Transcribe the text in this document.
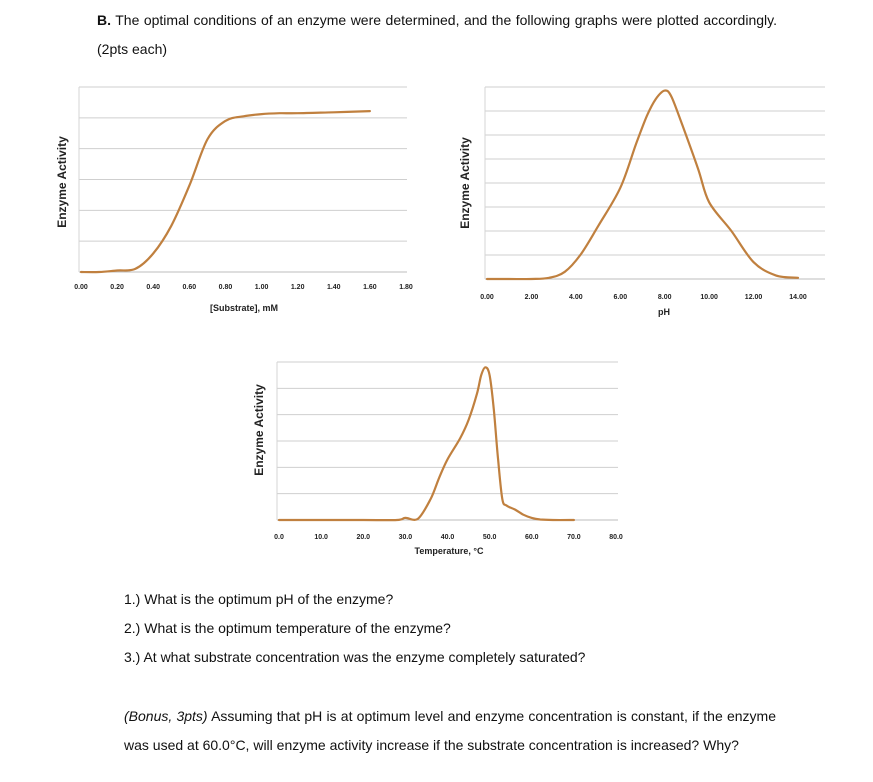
B. The optimal conditions of an enzyme were determined, and the following graphs were plotted accordingly. (2pts each)
Enzyme Activity
0.00	0.20	0.40	0.60	0.80	1.00	1.20	1.40	1.60	1.80
[Substrate], mM
Enzyme Activity
0.00	2.00	4.00	6.00	8.00	10.00	12.00	14.00
pH
Enzyme Activity
0.0	10.0	20.0	30.0	40.0	50.0	60.0	70.0	80.0
Temperature, °C
1.) What is the optimum pH of the enzyme?
2.) What is the optimum temperature of the enzyme?
3.) At what substrate concentration was the enzyme completely saturated?
(Bonus, 3pts) Assuming that pH is at optimum level and enzyme concentration is constant, if the enzyme was used at 60.0°C, will enzyme activity increase if the substrate concentration is increased? Why?
